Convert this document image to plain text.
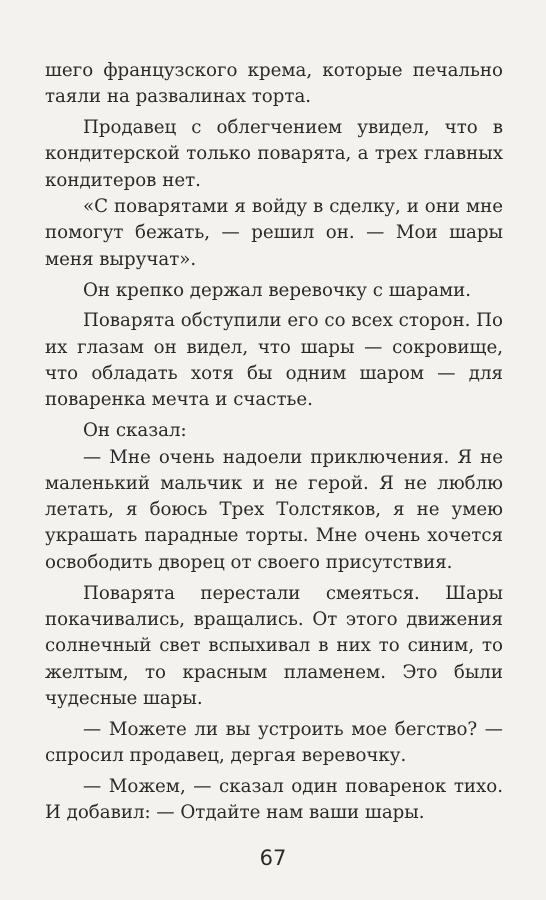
шего французского крема, которые печально таяли на развалинах торта.

Продавец с облегчением увидел, что в кондитерской только поварята, а трех главных кондитеров нет.

«С поварятами я войду в сделку, и они мне помогут бежать, — решил он. — Мои шары меня выручат».

Он крепко держал веревочку с шарами.

Поварята обступили его со всех сторон. По их глазам он видел, что шары — сокровище, что обладать хотя бы одним шаром — для поваренка мечта и счастье.

Он сказал:

— Мне очень надоели приключения. Я не маленький мальчик и не герой. Я не люблю летать, я боюсь Трех Толстяков, я не умею украшать парадные торты. Мне очень хочется освободить дворец от своего присутствия.

Поварята перестали смеяться. Шары покачивались, вращались. От этого движения солнечный свет вспыхивал в них то синим, то желтым, то красным пламенем. Это были чудесные шары.

— Можете ли вы устроить мое бегство? — спросил продавец, дергая веревочку.

— Можем, — сказал один поваренок тихо. И добавил: — Отдайте нам ваши шары.

67
